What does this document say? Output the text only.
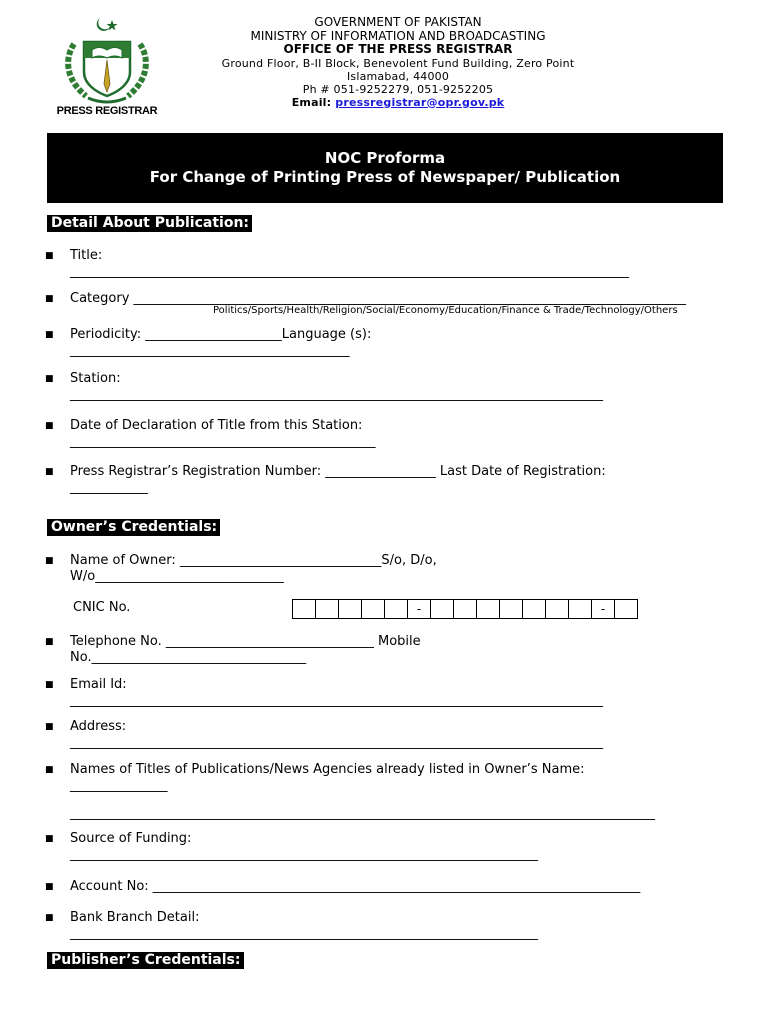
PRESS REGISTRAR
GOVERNMENT OF PAKISTAN
MINISTRY OF INFORMATION AND BROADCASTING
OFFICE OF THE PRESS REGISTRAR
Ground Floor, B-II Block, Benevolent Fund Building, Zero Point
Islamabad, 44000
Ph # 051-9252279, 051-9252205
Email: pressregistrar@opr.gov.pk
NOC Proforma
For Change of Printing Press of Newspaper/ Publication
Detail About Publication:
■ Title:
______________________________________________________________________________________
■ Category _____________________________________________________________________________________
Politics/Sports/Health/Religion/Social/Economy/Education/Finance & Trade/Technology/Others
■ Periodicity: _____________________Language (s):
___________________________________________
■ Station:
__________________________________________________________________________________
■ Date of Declaration of Title from this Station:
_______________________________________________
■ Press Registrar’s Registration Number: _________________ Last Date of Registration:
____________
Owner’s Credentials:
■ Name of Owner: _______________________________S/o, D/o,
W/o_____________________________
CNIC No.	-	-
■ Telephone No. ________________________________ Mobile
No._________________________________
■ Email Id:
__________________________________________________________________________________
■ Address:
__________________________________________________________________________________
■ Names of Titles of Publications/News Agencies already listed in Owner’s Name:
_______________
__________________________________________________________________________________________
■ Source of Funding:
________________________________________________________________________
■ Account No: ___________________________________________________________________________
■ Bank Branch Detail:
________________________________________________________________________
Publisher’s Credentials:
